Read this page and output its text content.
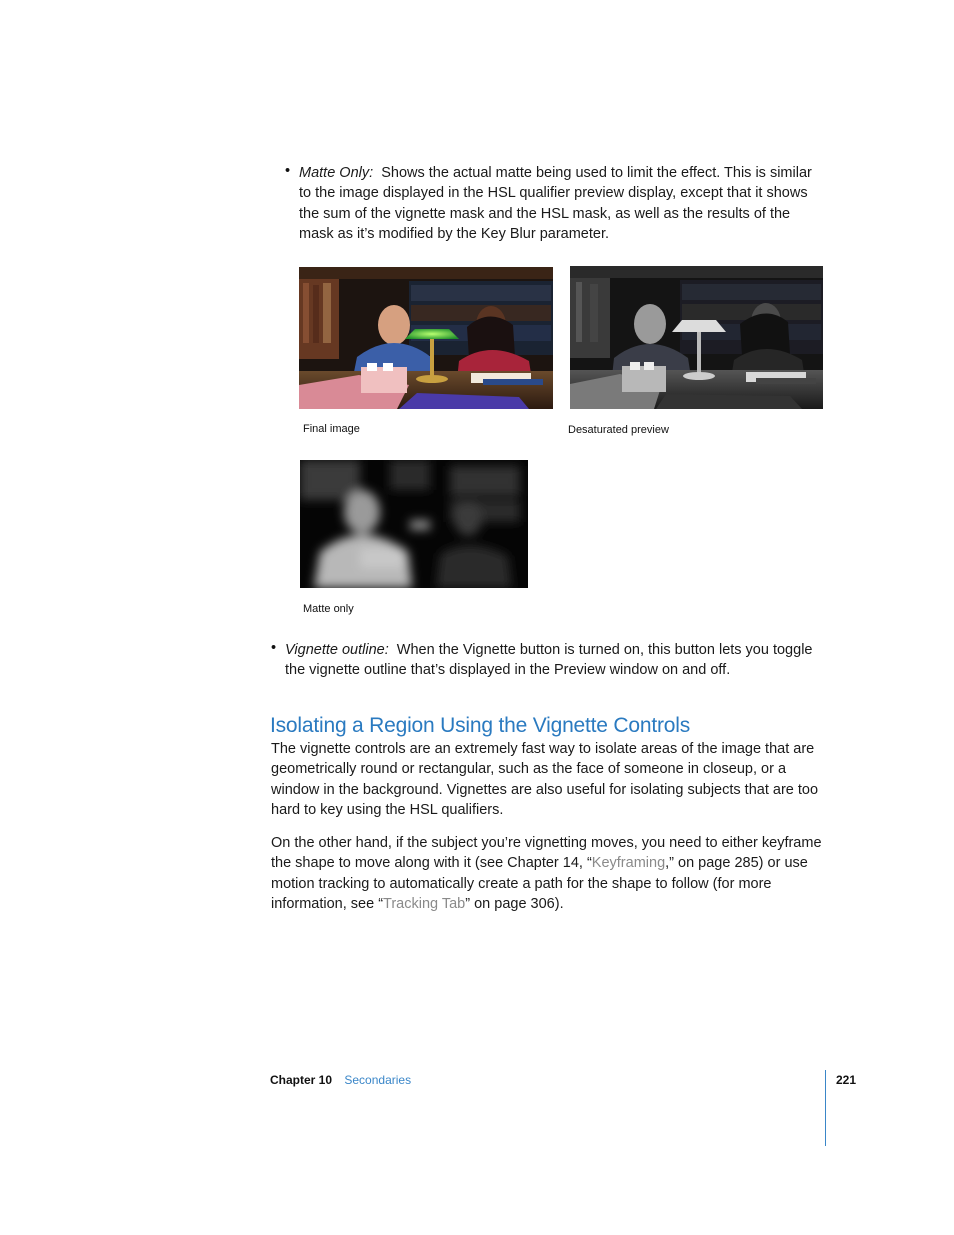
• Matte Only: Shows the actual matte being used to limit the effect. This is similar to the image displayed in the HSL qualifier preview display, except that it shows the sum of the vignette mask and the HSL mask, as well as the results of the mask as it’s modified by the Key Blur parameter.
Final image	Desaturated preview
Matte only
• Vignette outline: When the Vignette button is turned on, this button lets you toggle the vignette outline that’s displayed in the Preview window on and off.
Isolating a Region Using the Vignette Controls
The vignette controls are an extremely fast way to isolate areas of the image that are geometrically round or rectangular, such as the face of someone in closeup, or a window in the background. Vignettes are also useful for isolating subjects that are too hard to key using the HSL qualifiers.
On the other hand, if the subject you’re vignetting moves, you need to either keyframe the shape to move along with it (see Chapter 14, “Keyframing,” on page 285) or use motion tracking to automatically create a path for the shape to follow (for more information, see “Tracking Tab” on page 306).
Chapter 10 Secondaries	221
